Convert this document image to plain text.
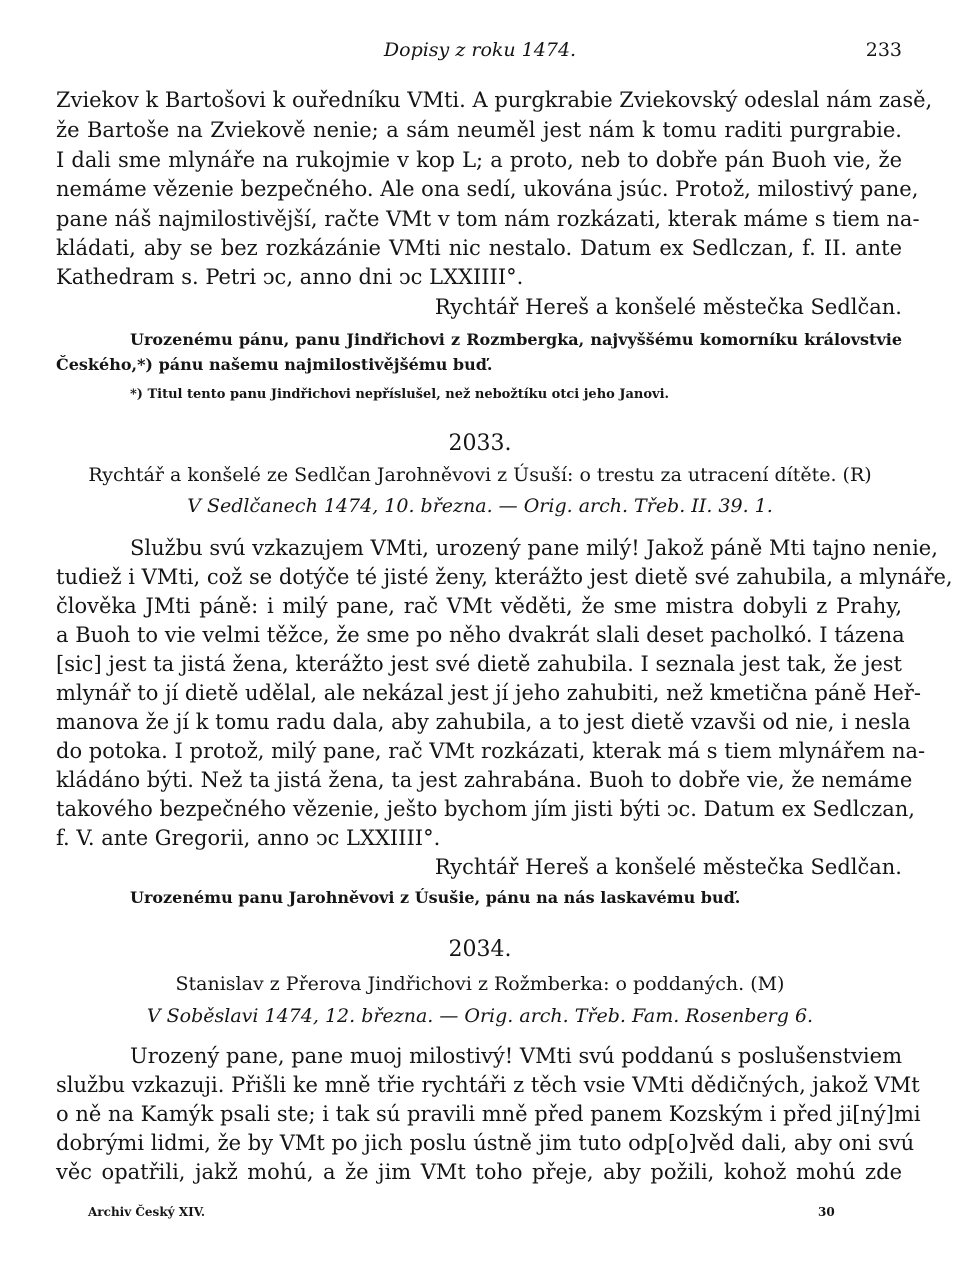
Dopisy z roku 1474.	233
Zviekov k Bartošovi k ouředníku VMti. A purgkrabie Zviekovský odeslal nám zasě,
že Bartoše na Zviekově nenie; a sám neuměl jest nám k tomu raditi purgrabie.
I dali sme mlynáře na rukojmie v kop L; a proto, neb to dobře pán Buoh vie, že
nemáme vězenie bezpečného. Ale ona sedí, ukována jsúc. Protož, milostivý pane,
pane náš najmilostivější, račte VMt v tom nám rozkázati, kterak máme s tiem na-
kládati, aby se bez rozkázánie VMti nic nestalo. Datum ex Sedlczan, f. II. ante
Kathedram s. Petri ↄc, anno dni ↄc LXXIIII°.
Rychtář Hereš a konšelé městečka Sedlčan.
Urozenému pánu, panu Jindřichovi z Rozmbergka, najvyššému komorníku královstvie
Českého,*) pánu našemu najmilostivějšému buď.
*) Titul tento panu Jindřichovi nepříslušel, než nebožtíku otci jeho Janovi.
2033.
Rychtář a konšelé ze Sedlčan Jarohněvovi z Úsuší: o trestu za utracení dítěte. (R)
V Sedlčanech 1474, 10. března. — Orig. arch. Třeb. II. 39. 1.
Službu svú vzkazujem VMti, urozený pane milý! Jakož páně Mti tajno nenie,
tudiež i VMti, což se dotýče té jisté ženy, kterážto jest dietě své zahubila, a mlynáře,
člověka JMti páně: i milý pane, rač VMt věděti, že sme mistra dobyli z Prahy,
a Buoh to vie velmi těžce, že sme po něho dvakrát slali deset pacholkó. I tázena
[sic] jest ta jistá žena, kterážto jest své dietě zahubila. I seznala jest tak, že jest
mlynář to jí dietě udělal, ale nekázal jest jí jeho zahubiti, než kmetična páně Heř-
manova že jí k tomu radu dala, aby zahubila, a to jest dietě vzavši od nie, i nesla
do potoka. I protož, milý pane, rač VMt rozkázati, kterak má s tiem mlynářem na-
kládáno býti. Než ta jistá žena, ta jest zahrabána. Buoh to dobře vie, že nemáme
takového bezpečného vězenie, ješto bychom jím jisti býti ↄc. Datum ex Sedlczan,
f. V. ante Gregorii, anno ↄc LXXIIII°.
Rychtář Hereš a konšelé městečka Sedlčan.
Urozenému panu Jarohněvovi z Úsušie, pánu na nás laskavému buď.
2034.
Stanislav z Přerova Jindřichovi z Rožmberka: o poddaných. (M)
V Soběslavi 1474, 12. března. — Orig. arch. Třeb. Fam. Rosenberg 6.
Urozený pane, pane muoj milostivý! VMti svú poddanú s poslušenstviem
službu vzkazuji. Přišli ke mně třie rychtáři z těch vsie VMti dědičných, jakož VMt
o ně na Kamýk psali ste; i tak sú pravili mně před panem Kozským i před ji[ný]mi
dobrými lidmi, že by VMt po jich poslu ústně jim tuto odp[o]věd dali, aby oni svú
věc opatřili, jakž mohú, a že jim VMt toho přeje, aby požili, kohož mohú zde
Archiv Český XIV.	30
